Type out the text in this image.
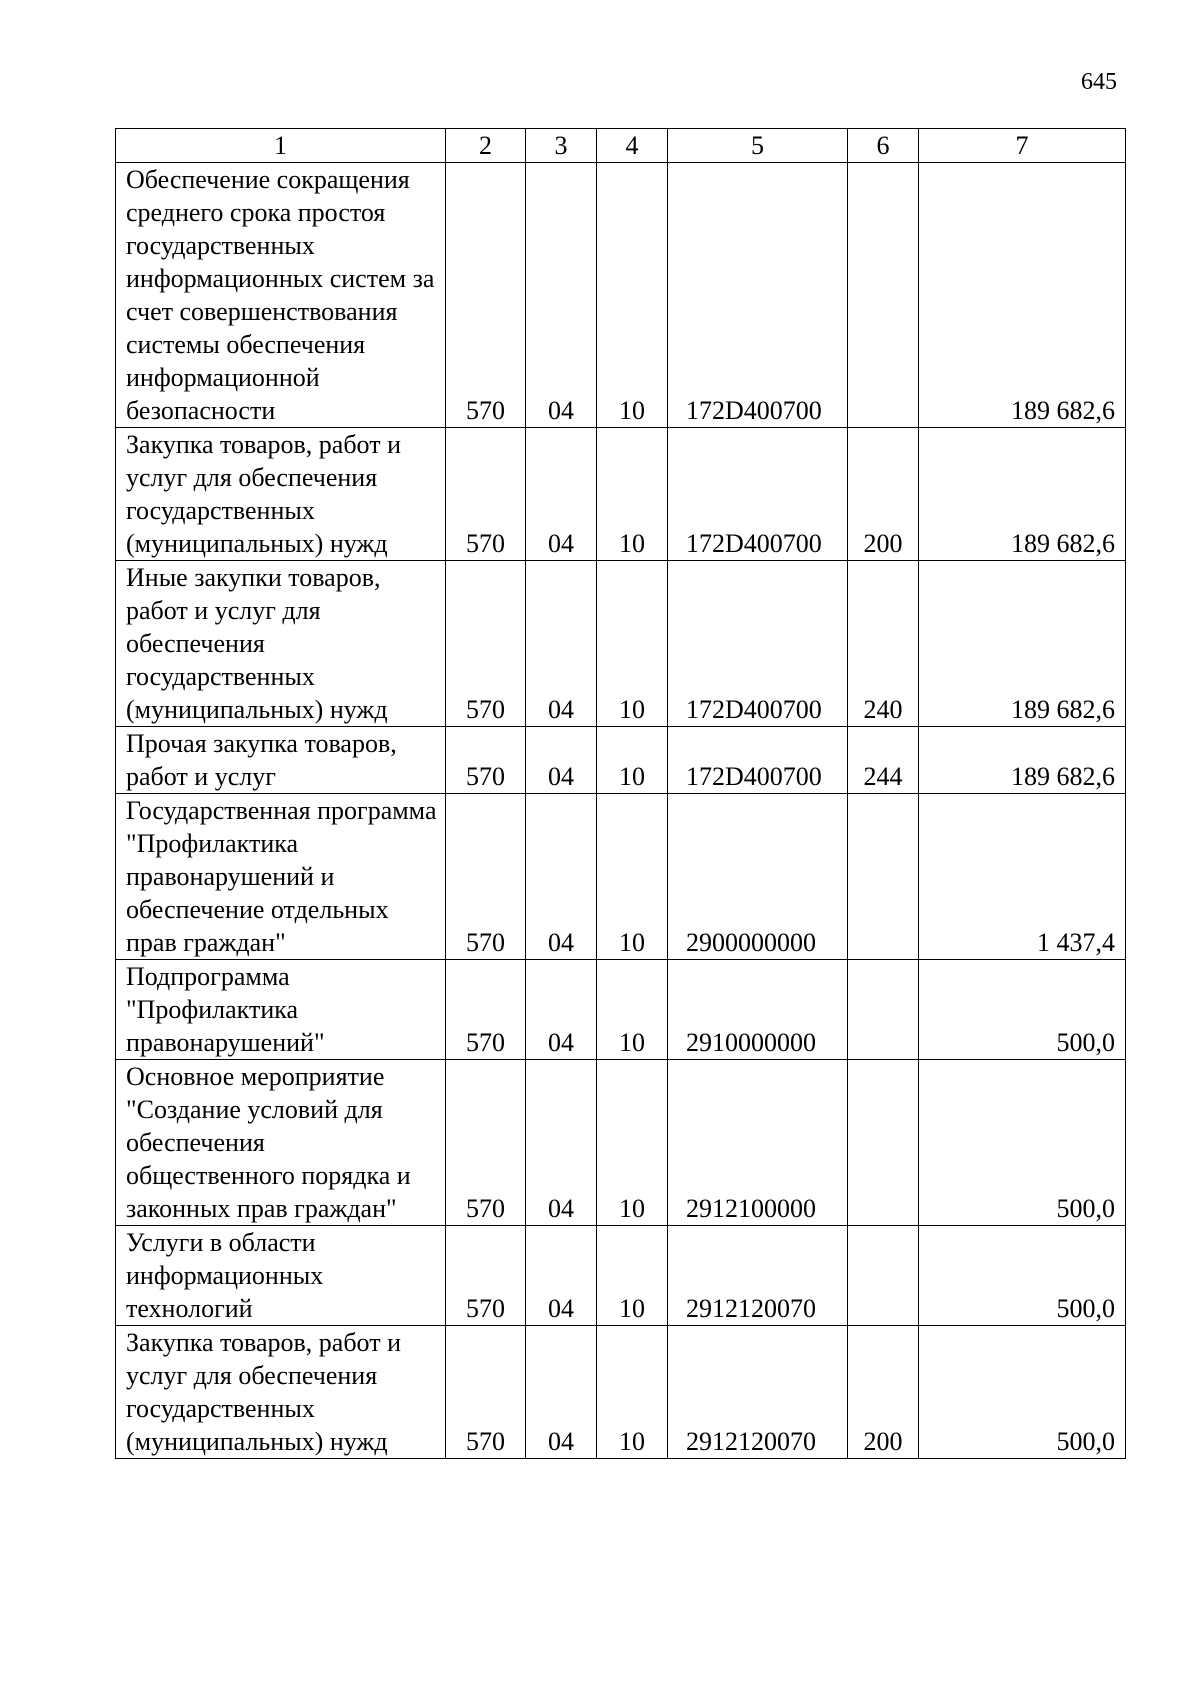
645
1	2	3	4	5	6	7
Обеспечение сокращения среднего срока простоя государственных информационных систем за счет совершенствования системы обеспечения информационной безопасности	570	04	10	172D400700		189 682,6
Закупка товаров, работ и услуг для обеспечения государственных (муниципальных) нужд	570	04	10	172D400700	200	189 682,6
Иные закупки товаров, работ и услуг для обеспечения государственных (муниципальных) нужд	570	04	10	172D400700	240	189 682,6
Прочая закупка товаров, работ и услуг	570	04	10	172D400700	244	189 682,6
Государственная программа "Профилактика правонарушений и обеспечение отдельных прав граждан"	570	04	10	2900000000		1 437,4
Подпрограмма "Профилактика правонарушений"	570	04	10	2910000000		500,0
Основное мероприятие "Создание условий для обеспечения общественного порядка и законных прав граждан"	570	04	10	2912100000		500,0
Услуги в области информационных технологий	570	04	10	2912120070		500,0
Закупка товаров, работ и услуг для обеспечения государственных (муниципальных) нужд	570	04	10	2912120070	200	500,0
